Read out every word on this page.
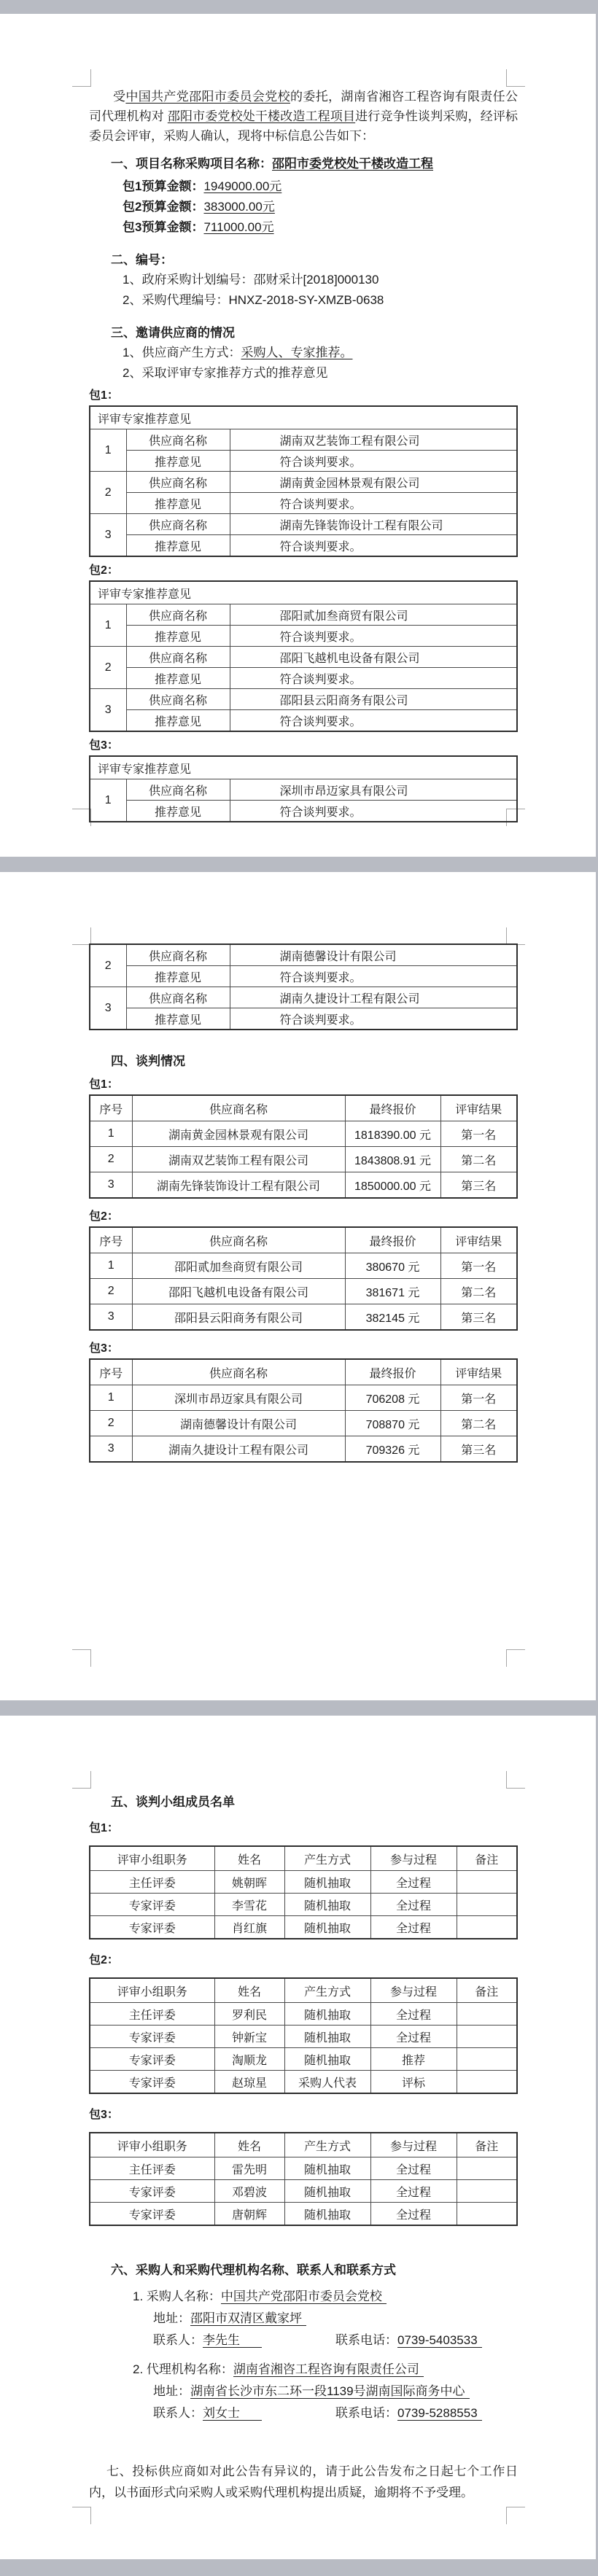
受中国共产党邵阳市委员会党校的委托，湖南省湘咨工程咨询有限责任公司代理机构对 邵阳市委党校处干楼改造工程项目进行竞争性谈判采购，经评标委员会评审，采购人确认，现将中标信息公告如下：

一、项目名称采购项目名称：邵阳市委党校处干楼改造工程
包1预算金额：1949000.00元
包2预算金额：383000.00元
包3预算金额：711000.00元
二、编号：
1、政府采购计划编号：邵财采计[2018]000130
2、采购代理编号：HNXZ-2018-SY-XMZB-0638
三、邀请供应商的情况
1、供应商产生方式：采购人、专家推荐。
2、采取评审专家推荐方式的推荐意见
包1：
评审专家推荐意见		
1	供应商名称	湖南双艺装饰工程有限公司
	推荐意见	符合谈判要求。
2	供应商名称	湖南黄金园林景观有限公司
	推荐意见	符合谈判要求。
3	供应商名称	湖南先锋装饰设计工程有限公司
	推荐意见	符合谈判要求。
包2：
评审专家推荐意见		
1	供应商名称	邵阳贰加叁商贸有限公司
	推荐意见	符合谈判要求。
2	供应商名称	邵阳飞越机电设备有限公司
	推荐意见	符合谈判要求。
3	供应商名称	邵阳县云阳商务有限公司
	推荐意见	符合谈判要求。
包3：
评审专家推荐意见		
1	供应商名称	深圳市昂迈家具有限公司
	推荐意见	符合谈判要求。
2	供应商名称	湖南德馨设计有限公司
	推荐意见	符合谈判要求。
3	供应商名称	湖南久捷设计工程有限公司
	推荐意见	符合谈判要求。
四、谈判情况
包1：
序号	供应商名称	最终报价	评审结果
1	湖南黄金园林景观有限公司	1818390.00 元	第一名
2	湖南双艺装饰工程有限公司	1843808.91 元	第二名
3	湖南先锋装饰设计工程有限公司	1850000.00 元	第三名
包2：
序号	供应商名称	最终报价	评审结果
1	邵阳贰加叁商贸有限公司	380670 元	第一名
2	邵阳飞越机电设备有限公司	381671 元	第二名
3	邵阳县云阳商务有限公司	382145 元	第三名
包3：
序号	供应商名称	最终报价	评审结果
1	深圳市昂迈家具有限公司	706208 元	第一名
2	湖南德馨设计有限公司	708870 元	第二名
3	湖南久捷设计工程有限公司	709326 元	第三名
五、谈判小组成员名单
包1：
评审小组职务	姓名	产生方式	参与过程	备注
主任评委	姚朝晖	随机抽取	全过程	
专家评委	李雪花	随机抽取	全过程	
专家评委	肖红旗	随机抽取	全过程	
包2：
评审小组职务	姓名	产生方式	参与过程	备注
主任评委	罗利民	随机抽取	全过程	
专家评委	钟新宝	随机抽取	全过程	
专家评委	淘顺龙	随机抽取	推荐	
专家评委	赵琼星	采购人代表	评标	
包3：
评审小组职务	姓名	产生方式	参与过程	备注
主任评委	雷先明	随机抽取	全过程	
专家评委	邓碧波	随机抽取	全过程	
专家评委	唐朝辉	随机抽取	全过程	
六、采购人和采购代理机构名称、联系人和联系方式
1. 采购人名称：中国共产党邵阳市委员会党校
地址：邵阳市双清区戴家坪
联系人：李先生	联系电话：0739-5403533
2. 代理机构名称：湖南省湘咨工程咨询有限责任公司
地址：湖南省长沙市东二环一段1139号湖南国际商务中心
联系人：刘女士	联系电话：0739-5288553

七、投标供应商如对此公告有异议的，请于此公告发布之日起七个工作日内，以书面形式向采购人或采购代理机构提出质疑，逾期将不予受理。
